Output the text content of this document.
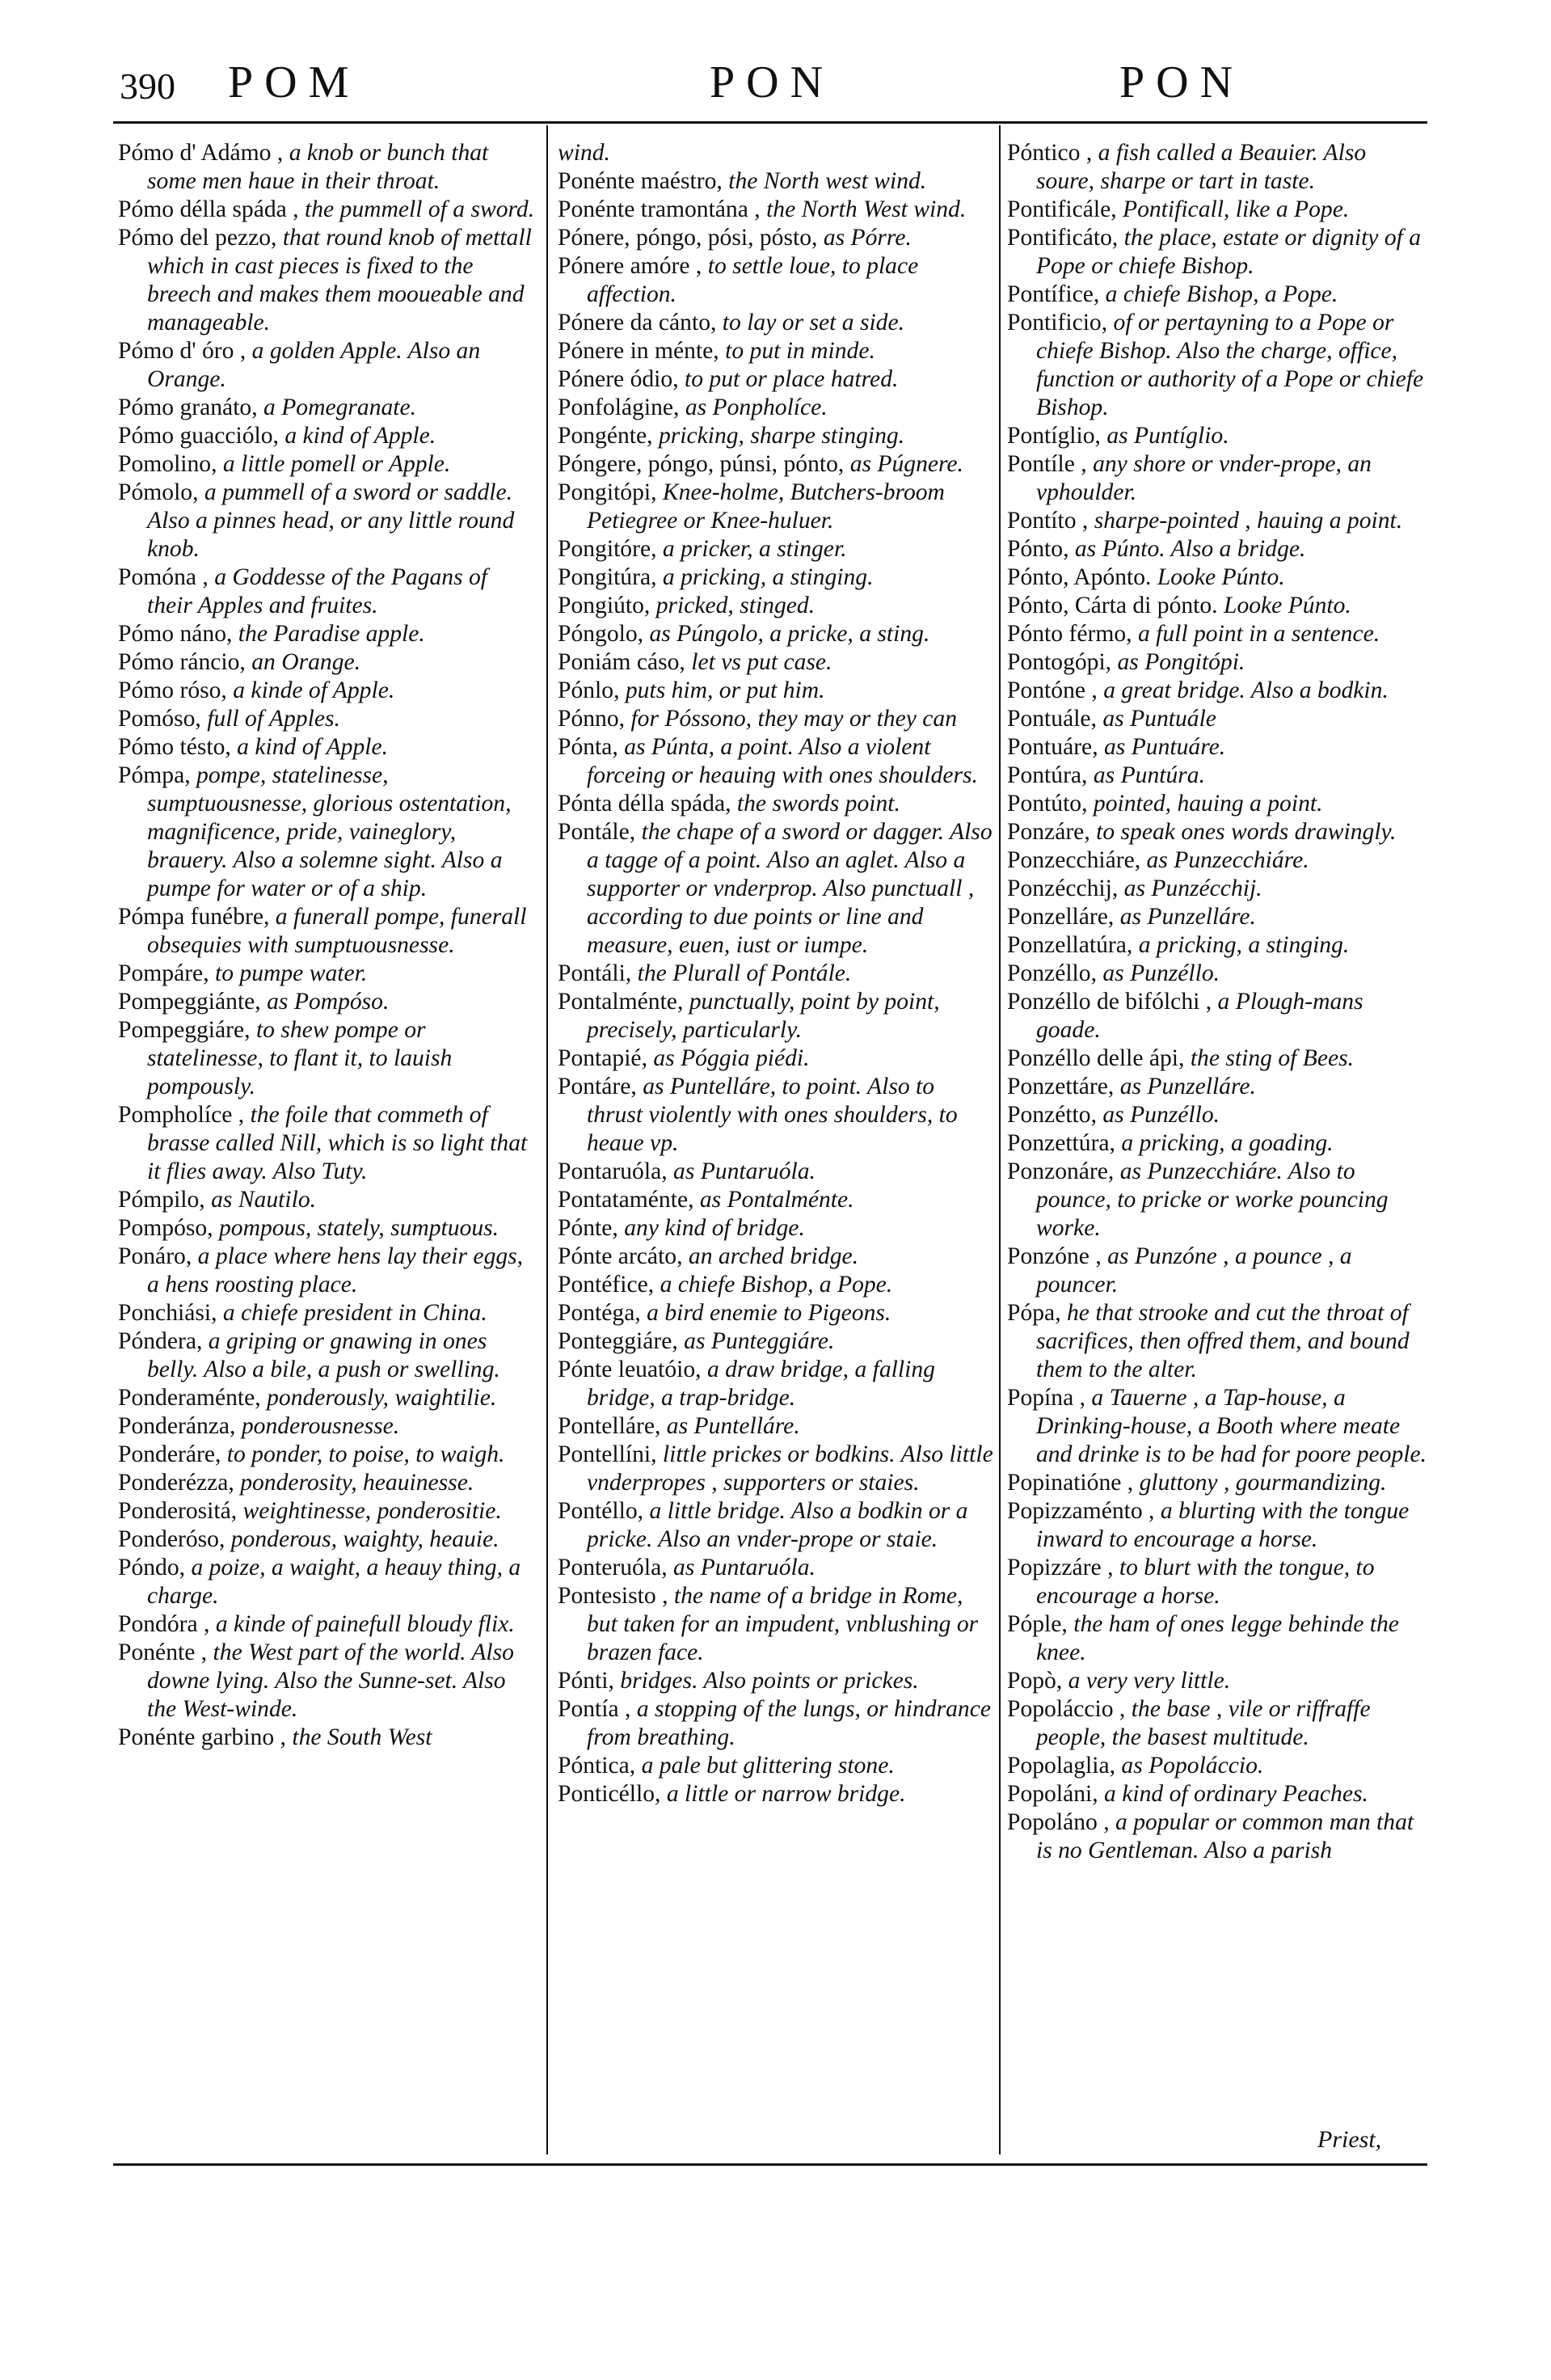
390 POM	PON	PON

Pómo d' Adámo , a knob or bunch that some men haue in their throat.

Pómo délla spáda , the pummell of a sword.

Pómo del pezzo, that round knob of mettall which in cast pieces is fixed to the breech and makes them mooueable and manageable.

Pómo d' óro , a golden Apple. Also an Orange.

Pómo granáto, a Pomegranate.

Pómo guacciólo, a kind of Apple.

Pomolino, a little pomell or Apple.

Pómolo, a pummell of a sword or saddle. Also a pinnes head, or any little round knob.

Pomóna , a Goddesse of the Pagans of their Apples and fruites.

Pómo náno, the Paradise apple.

Pómo ráncio, an Orange.

Pómo róso, a kinde of Apple.

Pomóso, full of Apples.

Pómo tésto, a kind of Apple.

Pómpa, pompe, statelinesse, sumptuousnesse, glorious ostentation, magnificence, pride, vaineglory, brauery. Also a solemne sight. Also a pumpe for water or of a ship.

Pómpa funébre, a funerall pompe, funerall obsequies with sumptuousnesse.

Pompáre, to pumpe water.

Pompeggiánte, as Pompóso.

Pompeggiáre, to shew pompe or statelinesse, to flant it, to lauish pompously.

Pompholíce , the foile that commeth of brasse called Nill, which is so light that it flies away. Also Tuty.

Pómpilo, as Nautilo.

Pompóso, pompous, stately, sumptuous.

Ponáro, a place where hens lay their eggs, a hens roosting place.

Ponchiási, a chiefe president in China.

Póndera, a griping or gnawing in ones belly. Also a bile, a push or swelling.

Ponderaménte, ponderously, waightilie.

Ponderánza, ponderousnesse.

Ponderáre, to ponder, to poise, to waigh.

Ponderézza, ponderosity, heauinesse.

Ponderositá, weightinesse, ponderositie.

Ponderóso, ponderous, waighty, heauie.

Póndo, a poize, a waight, a heauy thing, a charge.

Pondóra , a kinde of painefull bloudy flix.

Ponénte , the West part of the world. Also downe lying. Also the Sunne-set. Also the West-winde.

Ponénte garbino , the South West

wind.

Ponénte maéstro, the North west wind.

Ponénte tramontána , the North West wind.

Pónere, póngo, pósi, pósto, as Pórre.

Pónere amóre , to settle loue, to place affection.

Pónere da cánto, to lay or set a side.

Pónere in ménte, to put in minde.

Pónere ódio, to put or place hatred.

Ponfolágine, as Ponpholíce.

Pongénte, pricking, sharpe stinging.

Póngere, póngo, púnsi, pónto, as Púgnere.

Pongitópi, Knee-holme, Butchers-broom Petiegree or Knee-huluer.

Pongitóre, a pricker, a stinger.

Pongitúra, a pricking, a stinging.

Pongiúto, pricked, stinged.

Póngolo, as Púngolo, a pricke, a sting.

Poniám cáso, let vs put case.

Pónlo, puts him, or put him.

Pónno, for Póssono, they may or they can

Pónta, as Púnta, a point. Also a violent forceing or heauing with ones shoulders.

Pónta délla spáda, the swords point.

Pontále, the chape of a sword or dagger. Also a tagge of a point. Also an aglet. Also a supporter or vnderprop. Also punctuall , according to due points or line and measure, euen, iust or iumpe.

Pontáli, the Plurall of Pontále.

Pontalménte, punctually, point by point, precisely, particularly.

Pontapié, as Póggia piédi.

Pontáre, as Puntelláre, to point. Also to thrust violently with ones shoulders, to heaue vp.

Pontaruóla, as Puntaruóla.

Pontataménte, as Pontalménte.

Pónte, any kind of bridge.

Pónte arcáto, an arched bridge.

Pontéfice, a chiefe Bishop, a Pope.

Pontéga, a bird enemie to Pigeons.

Ponteggiáre, as Punteggiáre.

Pónte leuatóio, a draw bridge, a falling bridge, a trap-bridge.

Pontelláre, as Puntelláre.

Pontellíni, little prickes or bodkins. Also little vnderpropes , supporters or staies.

Pontéllo, a little bridge. Also a bodkin or a pricke. Also an vnder-prope or staie.

Ponteruóla, as Puntaruóla.

Pontesisto , the name of a bridge in Rome, but taken for an impudent, vnblushing or brazen face.

Pónti, bridges. Also points or prickes.

Pontía , a stopping of the lungs, or hindrance from breathing.

Póntica, a pale but glittering stone.

Ponticéllo, a little or narrow bridge.

Póntico , a fish called a Beauier. Also soure, sharpe or tart in taste.

Pontificále, Pontificall, like a Pope.

Pontificáto, the place, estate or dignity of a Pope or chiefe Bishop.

Pontífice, a chiefe Bishop, a Pope.

Pontificio, of or pertayning to a Pope or chiefe Bishop. Also the charge, office, function or authority of a Pope or chiefe Bishop.

Pontíglio, as Puntíglio.

Pontíle , any shore or vnder-prope, an vphoulder.

Pontíto , sharpe-pointed , hauing a point.

Pónto, as Púnto. Also a bridge.

Pónto, Apónto. Looke Púnto.

Pónto, Cárta di pónto. Looke Púnto.

Pónto férmo, a full point in a sentence.

Pontogópi, as Pongitópi.

Pontóne , a great bridge. Also a bodkin.

Pontuále, as Puntuále

Pontuáre, as Puntuáre.

Pontúra, as Puntúra.

Pontúto, pointed, hauing a point.

Ponzáre, to speak ones words drawingly.

Ponzecchiáre, as Punzecchiáre.

Ponzécchij, as Punzécchij.

Ponzelláre, as Punzelláre.

Ponzellatúra, a pricking, a stinging.

Ponzéllo, as Punzéllo.

Ponzéllo de bifólchi , a Plough-mans goade.

Ponzéllo delle ápi, the sting of Bees.

Ponzettáre, as Punzelláre.

Ponzétto, as Punzéllo.

Ponzettúra, a pricking, a goading.

Ponzonáre, as Punzecchiáre. Also to pounce, to pricke or worke pouncing worke.

Ponzóne , as Punzóne , a pounce , a pouncer.

Pópa, he that strooke and cut the throat of sacrifices, then offred them, and bound them to the alter.

Popína , a Tauerne , a Tap-house, a Drinking-house, a Booth where meate and drinke is to be had for poore people.

Popinatióne , gluttony , gourmandizing.

Popizzaménto , a blurting with the tongue inward to encourage a horse.

Popizzáre , to blurt with the tongue, to encourage a horse.

Póple, the ham of ones legge behinde the knee.

Popò, a very very little.

Popoláccio , the base , vile or riffraffe people, the basest multitude.

Popolaglia, as Popoláccio.

Popoláni, a kind of ordinary Peaches.

Popoláno , a popular or common man that is no Gentleman. Also a parish

Priest,
